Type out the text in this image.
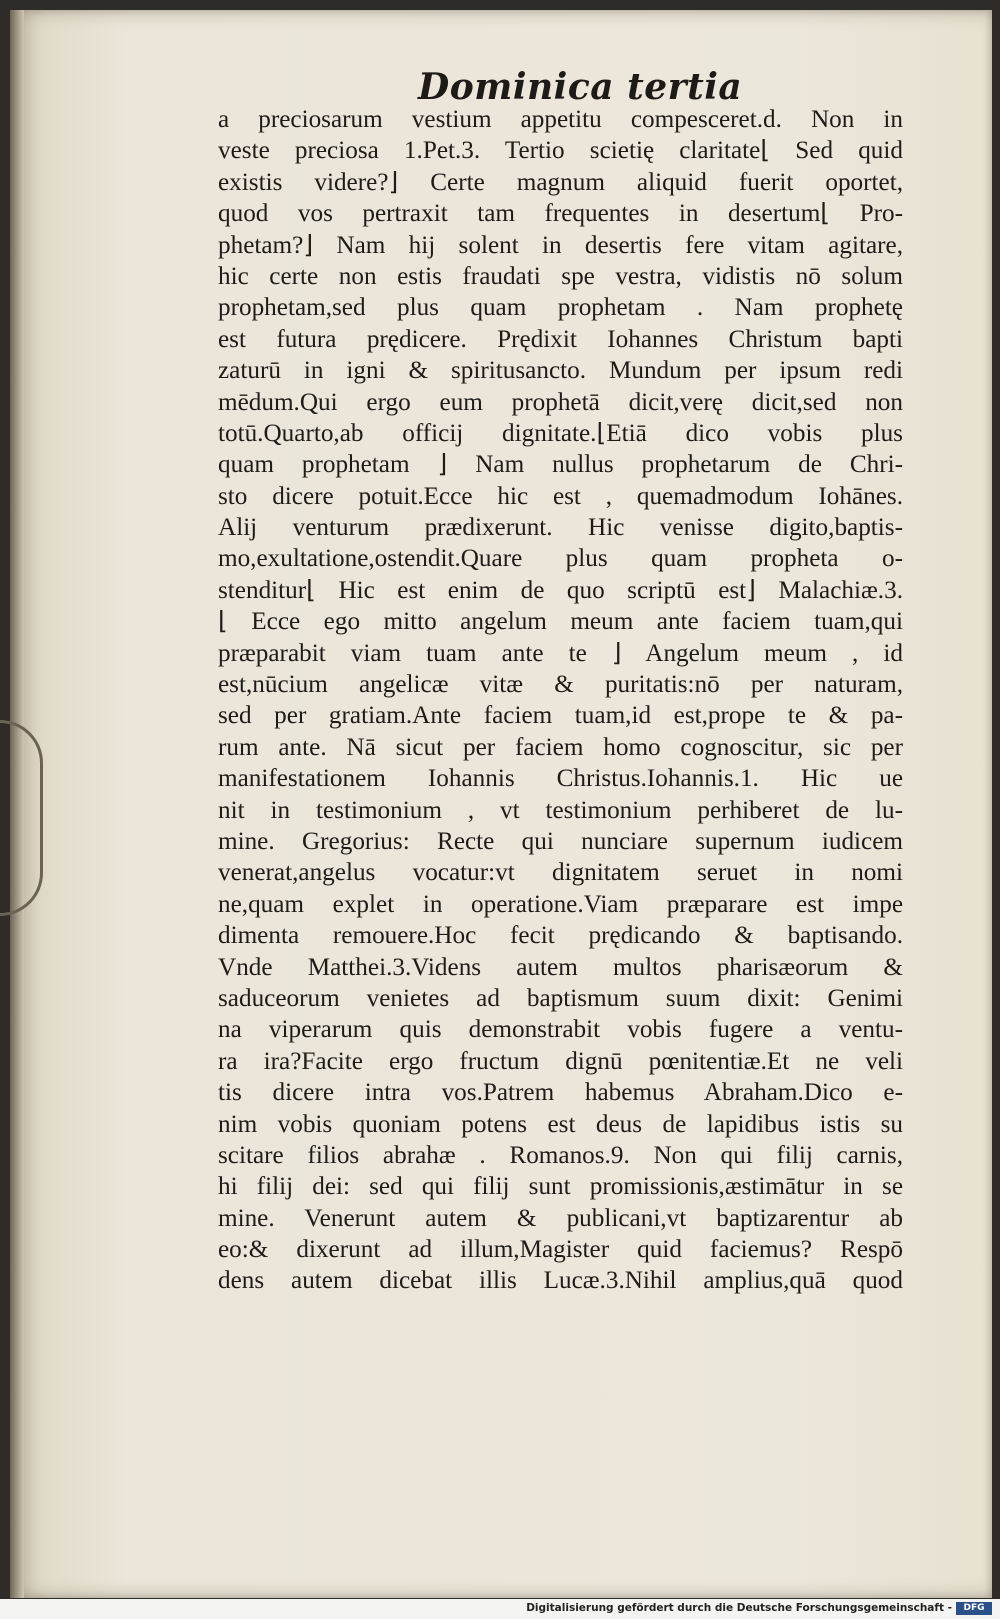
Dominica tertia
a preciosarum vestium appetitu compesceret.d. Non in
veste preciosa 1.Pet.3. Tertio scietię claritate⌊ Sed quid
existis videre?⌋ Certe magnum aliquid fuerit oportet,
quod vos pertraxit tam frequentes in desertum⌊ Pro-
phetam?⌋ Nam hij solent in desertis fere vitam agitare,
hic certe non estis fraudati spe vestra, vidistis nō solum
prophetam,sed plus quam prophetam . Nam prophetę
est futura prędicere. Prędixit Iohannes Christum bapti
zaturū in igni & spiritusancto. Mundum per ipsum redi
mēdum.Qui ergo eum prophetā dicit,verę dicit,sed non
totū.Quarto,ab officij dignitate.⌊Etiā dico vobis plus
quam prophetam ⌋ Nam nullus prophetarum de Chri-
sto dicere potuit.Ecce hic est , quemadmodum Iohānes.
Alij venturum prædixerunt. Hic venisse digito,baptis-
mo,exultatione,ostendit.Quare plus quam propheta o-
stenditur⌊ Hic est enim de quo scriptū est⌋ Malachiæ.3.
⌊ Ecce ego mitto angelum meum ante faciem tuam,qui
præparabit viam tuam ante te ⌋ Angelum meum , id
est,nūcium angelicæ vitæ & puritatis:nō per naturam,
sed per gratiam.Ante faciem tuam,id est,prope te & pa-
rum ante. Nā sicut per faciem homo cognoscitur, sic per
manifestationem Iohannis Christus.Iohannis.1. Hic ue
nit in testimonium , vt testimonium perhiberet de lu-
mine. Gregorius: Recte qui nunciare supernum iudicem
venerat,angelus vocatur:vt dignitatem seruet in nomi
ne,quam explet in operatione.Viam præparare est impe
dimenta remouere.Hoc fecit prędicando & baptisando.
Vnde Matthei.3.Videns autem multos pharisæorum &
saduceorum venietes ad baptismum suum dixit: Genimi
na viperarum quis demonstrabit vobis fugere a ventu-
ra ira?Facite ergo fructum dignū pœnitentiæ.Et ne veli
tis dicere intra vos.Patrem habemus Abraham.Dico e-
nim vobis quoniam potens est deus de lapidibus istis su
scitare filios abrahæ . Romanos.9. Non qui filij carnis,
hi filij dei: sed qui filij sunt promissionis,æstimātur in se
mine. Venerunt autem & publicani,vt baptizarentur ab
eo:& dixerunt ad illum,Magister quid faciemus? Respō
dens autem dicebat illis Lucæ.3.Nihil amplius,quā quod
Digitalisierung gefördert durch die Deutsche Forschungsgemeinschaft -	DFG
